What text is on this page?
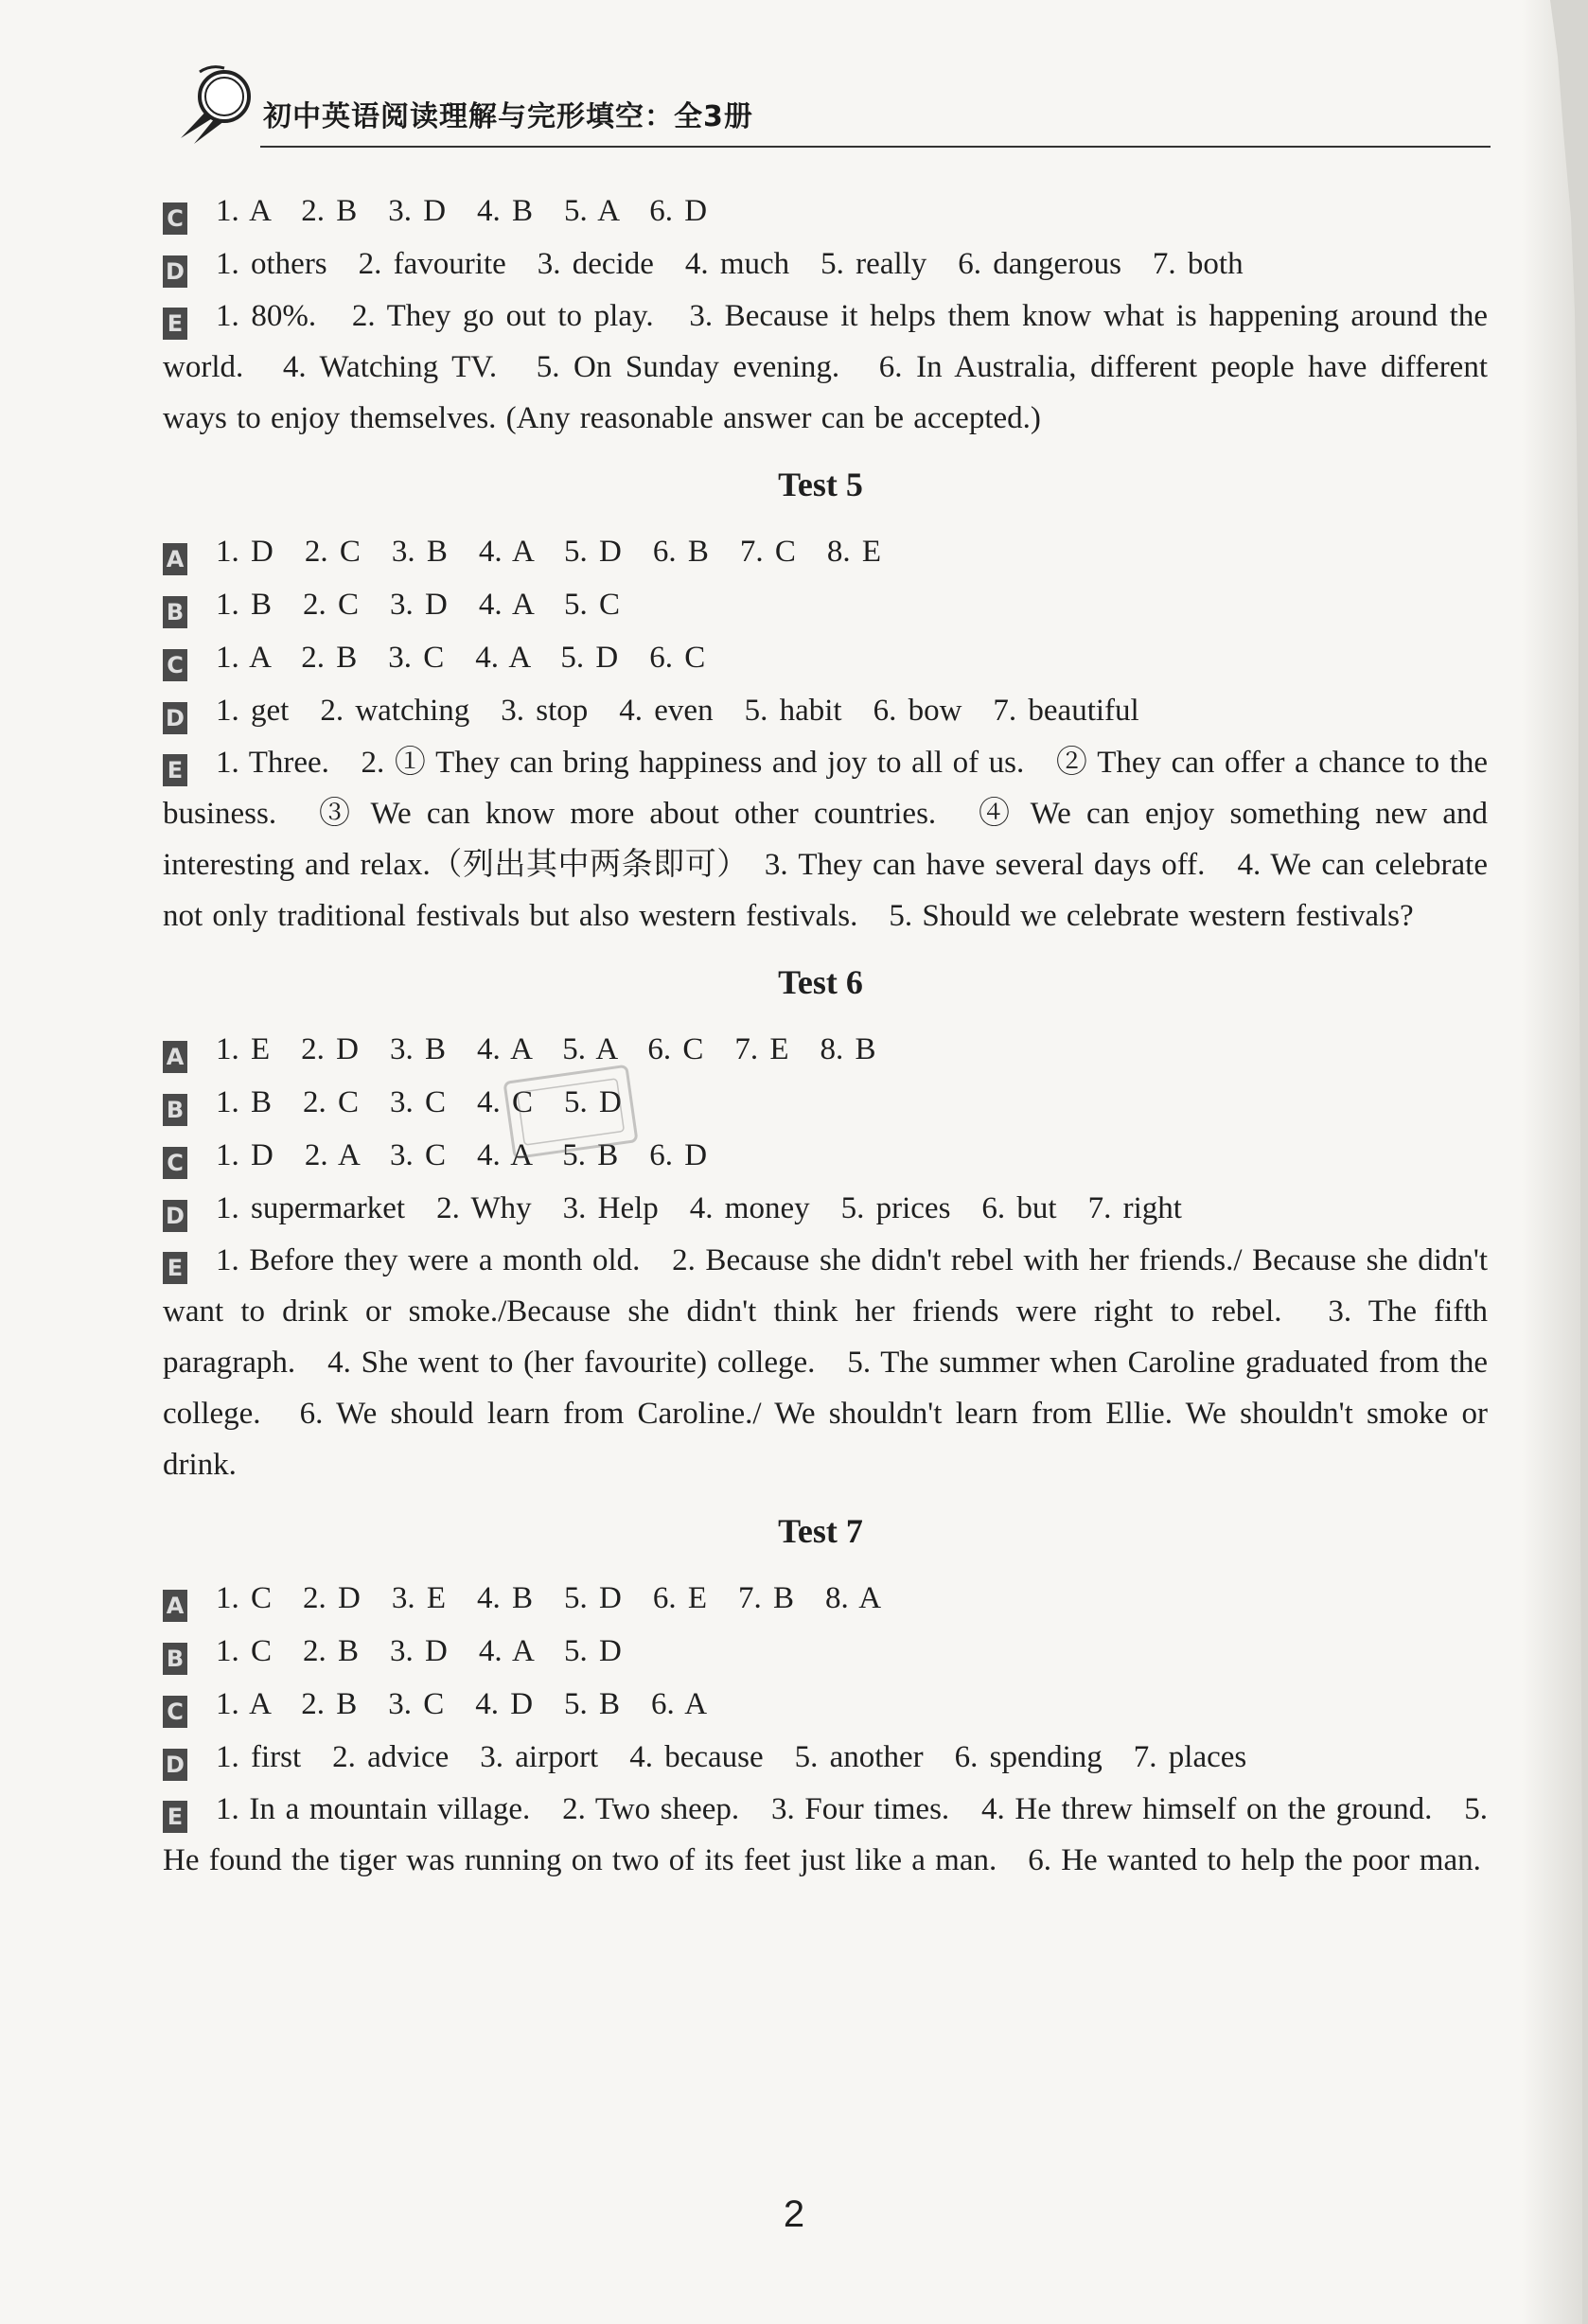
初中英语阅读理解与完形填空：全3册
C 1. A　2. B　3. D　4. B　5. A　6. D
D 1. others　2. favourite　3. decide　4. much　5. really　6. dangerous　7. both
E 1. 80%.　2. They go out to play.　3. Because it helps them know what is happening around the world.　4. Watching TV.　5. On Sunday evening.　6. In Australia, different people have different ways to enjoy themselves. (Any reasonable answer can be accepted.)
Test 5
A 1. D　2. C　3. B　4. A　5. D　6. B　7. C　8. E
B 1. B　2. C　3. D　4. A　5. C
C 1. A　2. B　3. C　4. A　5. D　6. C
D 1. get　2. watching　3. stop　4. even　5. habit　6. bow　7. beautiful
E 1. Three.　2. ① They can bring happiness and joy to all of us.　② They can offer a chance to the business.　③ We can know more about other countries.　④ We can enjoy something new and interesting and relax.（列出其中两条即可）　3. They can have several days off.　4. We can celebrate not only traditional festivals but also western festivals.　5. Should we celebrate western festivals?
Test 6
A 1. E　2. D　3. B　4. A　5. A　6. C　7. E　8. B
B 1. B　2. C　3. C　4. C　5. D
C 1. D　2. A　3. C　4. A　5. B　6. D
D 1. supermarket　2. Why　3. Help　4. money　5. prices　6. but　7. right
E 1. Before they were a month old.　2. Because she didn't rebel with her friends./ Because she didn't want to drink or smoke./Because she didn't think her friends were right to rebel.　3. The fifth paragraph.　4. She went to (her favourite) college.　5. The summer when Caroline graduated from the college.　6. We should learn from Caroline./ We shouldn't learn from Ellie. We shouldn't smoke or drink.
Test 7
A 1. C　2. D　3. E　4. B　5. D　6. E　7. B　8. A
B 1. C　2. B　3. D　4. A　5. D
C 1. A　2. B　3. C　4. D　5. B　6. A
D 1. first　2. advice　3. airport　4. because　5. another　6. spending　7. places
E 1. In a mountain village.　2. Two sheep.　3. Four times.　4. He threw himself on the ground.　5. He found the tiger was running on two of its feet just like a man.　6. He wanted to help the poor man.
2
